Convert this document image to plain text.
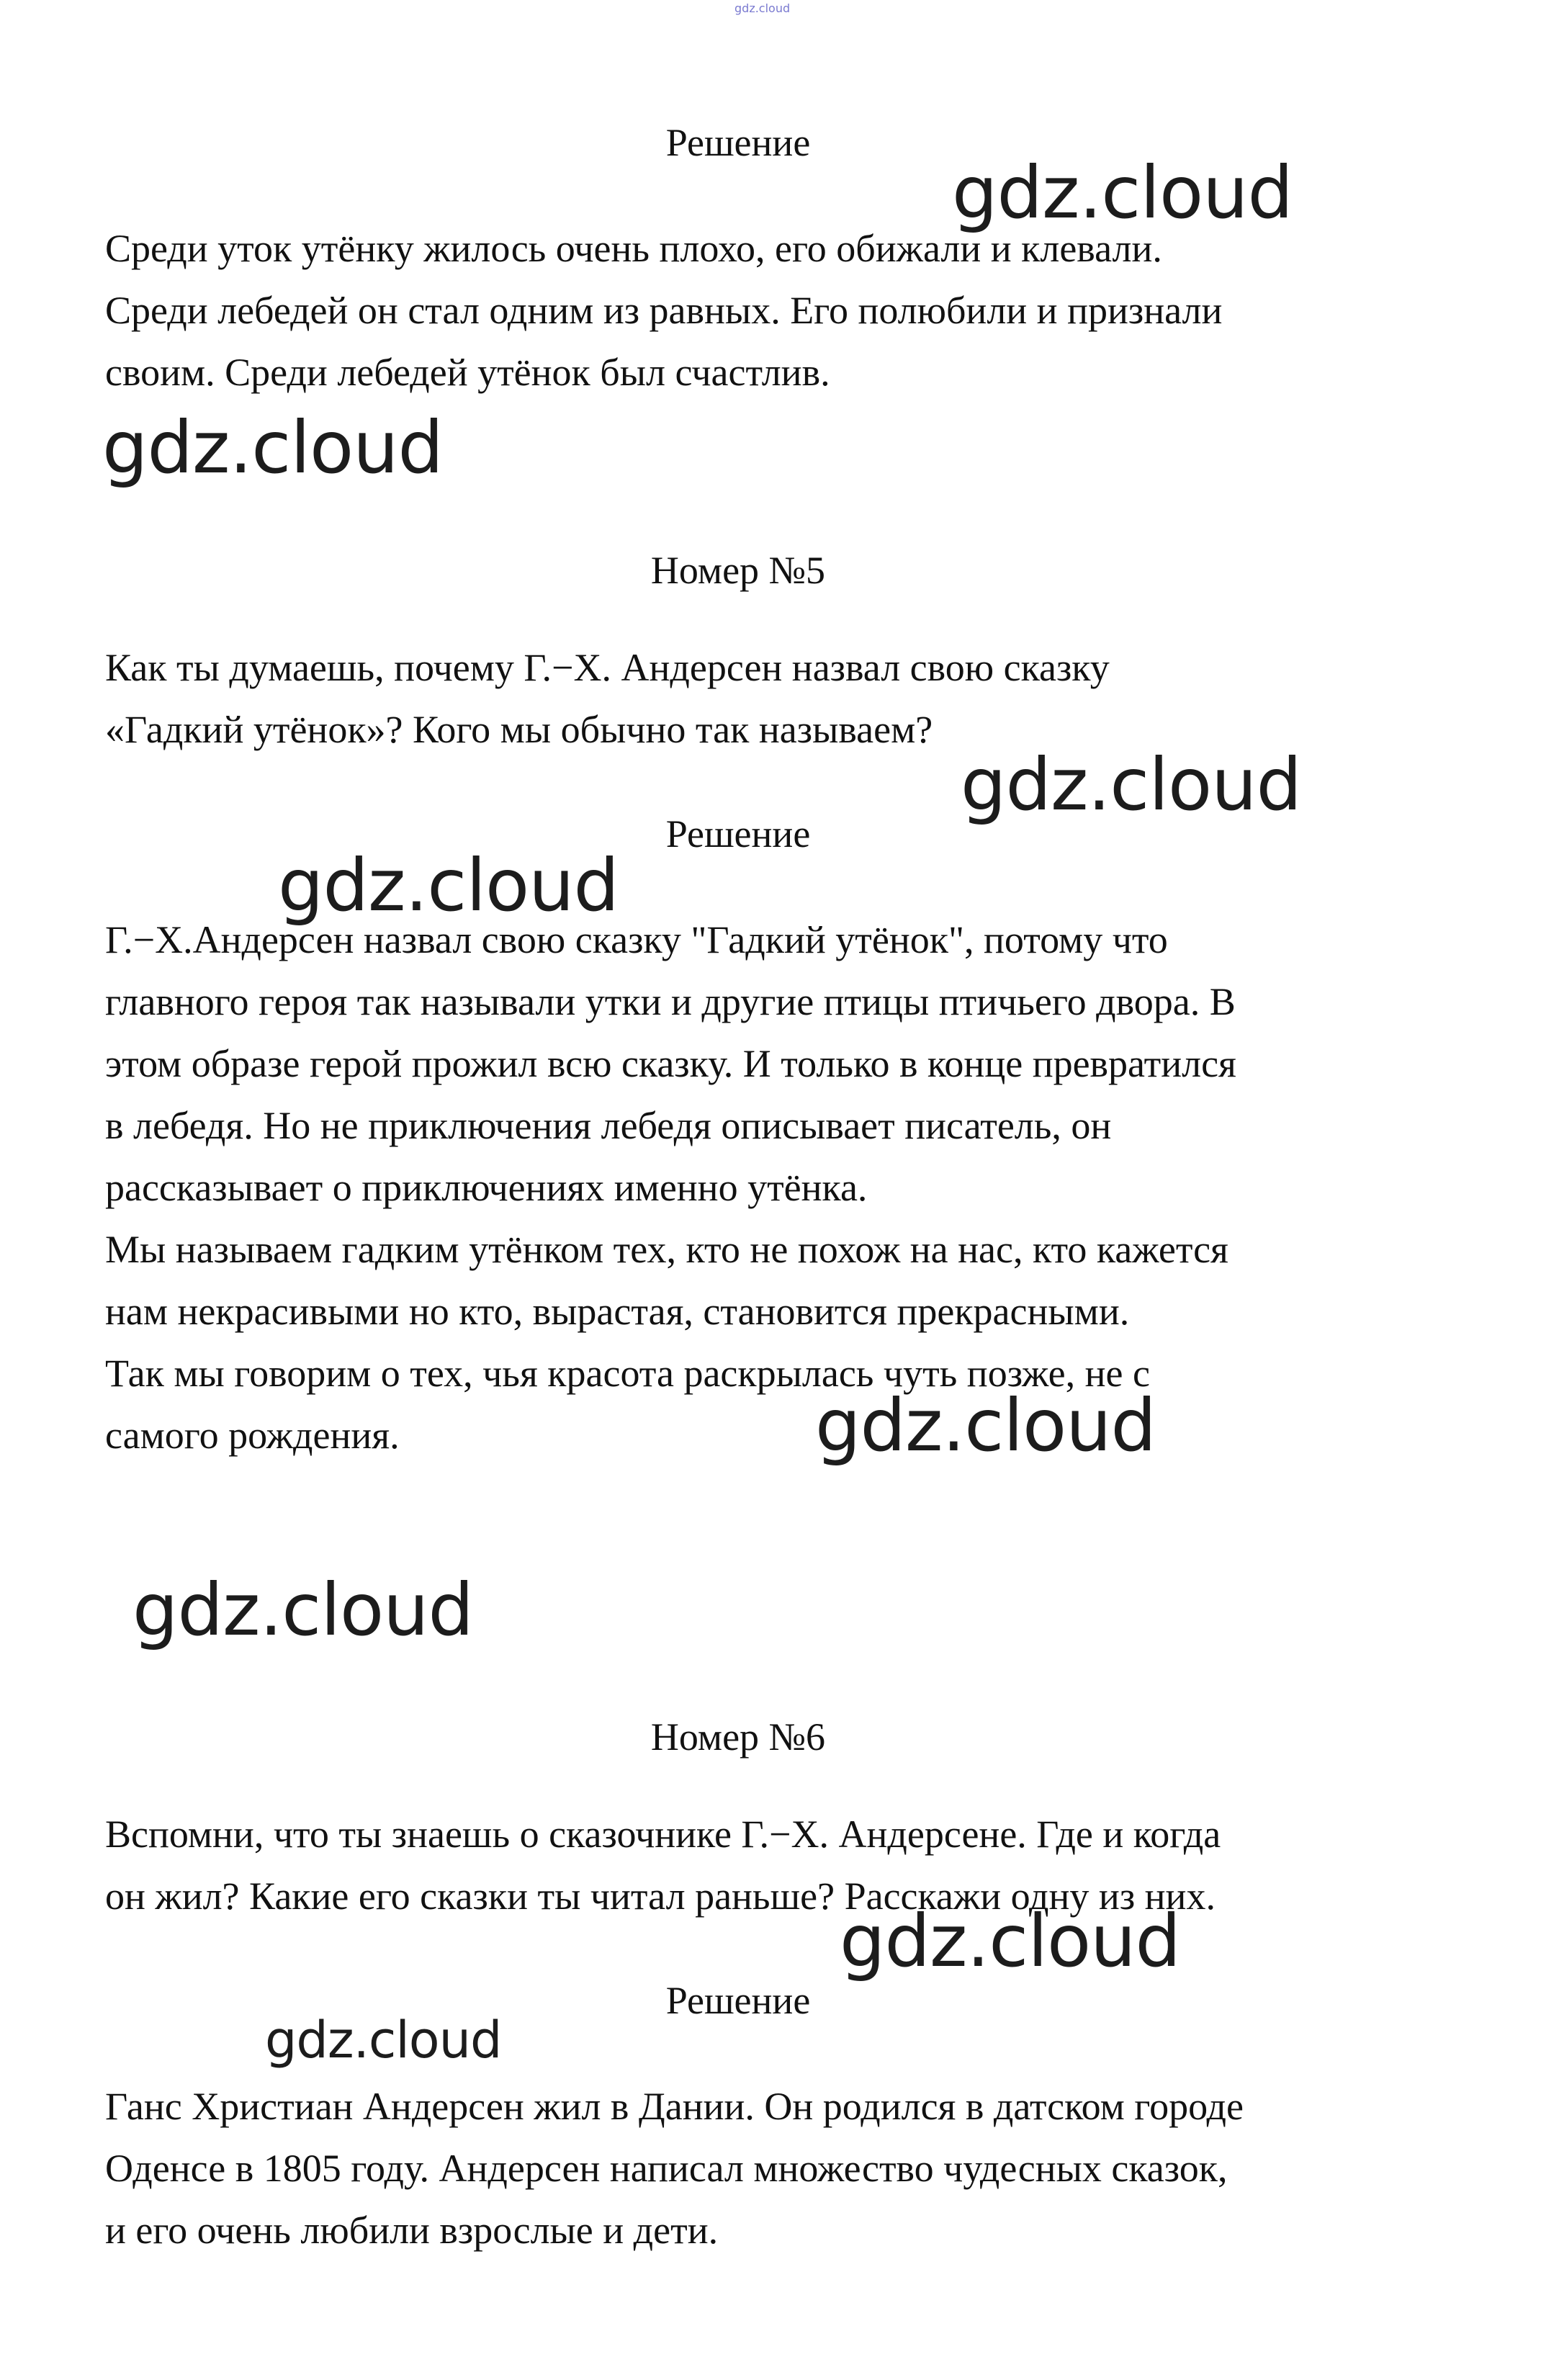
gdz.cloud
Решение
Среди уток утёнку жилось очень плохо, его обижали и клевали.
Среди лебедей он стал одним из равных. Его полюбили и признали
своим. Среди лебедей утёнок был счастлив.
Номер №5
Как ты думаешь, почему Г.−Х. Андерсен назвал свою сказку
«Гадкий утёнок»? Кого мы обычно так называем?
Решение
Г.−Х.Андерсен назвал свою сказку "Гадкий утёнок", потому что
главного героя так называли утки и другие птицы птичьего двора. В
этом образе герой прожил всю сказку. И только в конце превратился
в лебедя. Но не приключения лебедя описывает писатель, он
рассказывает о приключениях именно утёнка.
Мы называем гадким утёнком тех, кто не похож на нас, кто кажется
нам некрасивыми но кто, вырастая, становится прекрасными.
Так мы говорим о тех, чья красота раскрылась чуть позже, не с
самого рождения.
Номер №6
Вспомни, что ты знаешь о сказочнике Г.−Х. Андерсене. Где и когда
он жил? Какие его сказки ты читал раньше? Расскажи одну из них.
Решение
Ганс Христиан Андерсен жил в Дании. Он родился в датском городе
Оденсе в 1805 году. Андерсен написал множество чудесных сказок,
и его очень любили взрослые и дети.
gdz.cloud
gdz.cloud
gdz.cloud
gdz.cloud
gdz.cloud
gdz.cloud
gdz.cloud
gdz.cloud
